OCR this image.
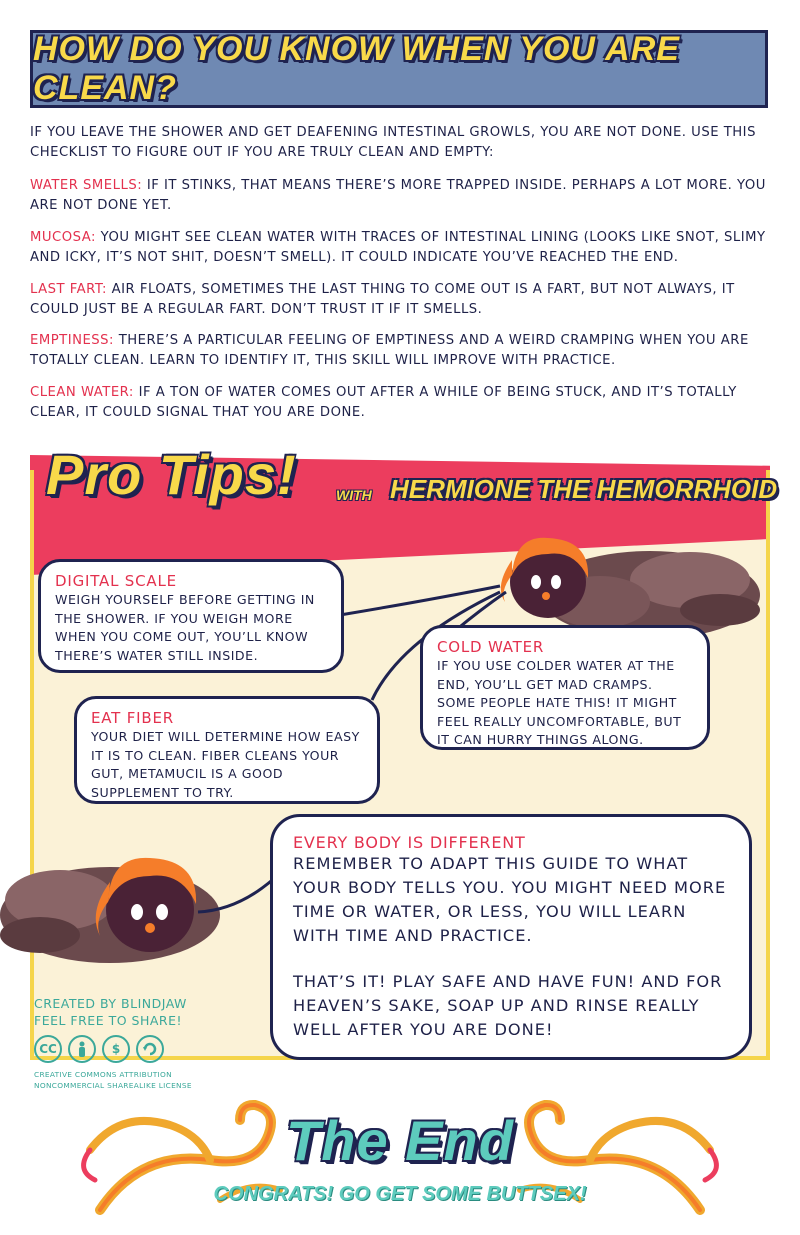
HOW DO YOU KNOW WHEN YOU ARE CLEAN?
IF YOU LEAVE THE SHOWER AND GET DEAFENING INTESTINAL GROWLS, YOU ARE NOT DONE. USE THIS CHECKLIST TO FIGURE OUT IF YOU ARE TRULY CLEAN AND EMPTY:
WATER SMELLS: IF IT STINKS, THAT MEANS THERE’S MORE TRAPPED INSIDE. PERHAPS A LOT MORE. YOU ARE NOT DONE YET.
MUCOSA: YOU MIGHT SEE CLEAN WATER WITH TRACES OF INTESTINAL LINING (LOOKS LIKE SNOT, SLIMY AND ICKY, IT’S NOT SHIT, DOESN’T SMELL). IT COULD INDICATE YOU’VE REACHED THE END.
LAST FART: AIR FLOATS, SOMETIMES THE LAST THING TO COME OUT IS A FART, BUT NOT ALWAYS, IT COULD JUST BE A REGULAR FART. DON’T TRUST IT IF IT SMELLS.
EMPTINESS: THERE’S A PARTICULAR FEELING OF EMPTINESS AND A WEIRD CRAMPING WHEN YOU ARE TOTALLY CLEAN. LEARN TO IDENTIFY IT, THIS SKILL WILL IMPROVE WITH PRACTICE.
CLEAN WATER: IF A TON OF WATER COMES OUT AFTER A WHILE OF BEING STUCK, AND IT’S TOTALLY CLEAR, IT COULD SIGNAL THAT YOU ARE DONE.
Pro Tips!	WITH HERMIONE THE HEMORRHOID
DIGITAL SCALE
WEIGH YOURSELF BEFORE GETTING IN THE SHOWER. IF YOU WEIGH MORE WHEN YOU COME OUT, YOU’LL KNOW THERE’S WATER STILL INSIDE.	COLD WATER
IF YOU USE COLDER WATER AT THE END, YOU’LL GET MAD CRAMPS. SOME PEOPLE HATE THIS! IT MIGHT FEEL REALLY UNCOMFORTABLE, BUT IT CAN HURRY THINGS ALONG.
EAT FIBER
YOUR DIET WILL DETERMINE HOW EASY IT IS TO CLEAN. FIBER CLEANS YOUR GUT, METAMUCIL IS A GOOD SUPPLEMENT TO TRY.
EVERY BODY IS DIFFERENT
REMEMBER TO ADAPT THIS GUIDE TO WHAT YOUR BODY TELLS YOU. YOU MIGHT NEED MORE TIME OR WATER, OR LESS, YOU WILL LEARN WITH TIME AND PRACTICE.
THAT’S IT! PLAY SAFE AND HAVE FUN! AND FOR HEAVEN’S SAKE, SOAP UP AND RINSE REALLY WELL AFTER YOU ARE DONE!
CREATED BY BLINDJAW
FEEL FREE TO SHARE!
CC	$
CREATIVE COMMONS ATTRIBUTION NONCOMMERCIAL SHAREALIKE LICENSE
The End
CONGRATS! GO GET SOME BUTTSEX!
